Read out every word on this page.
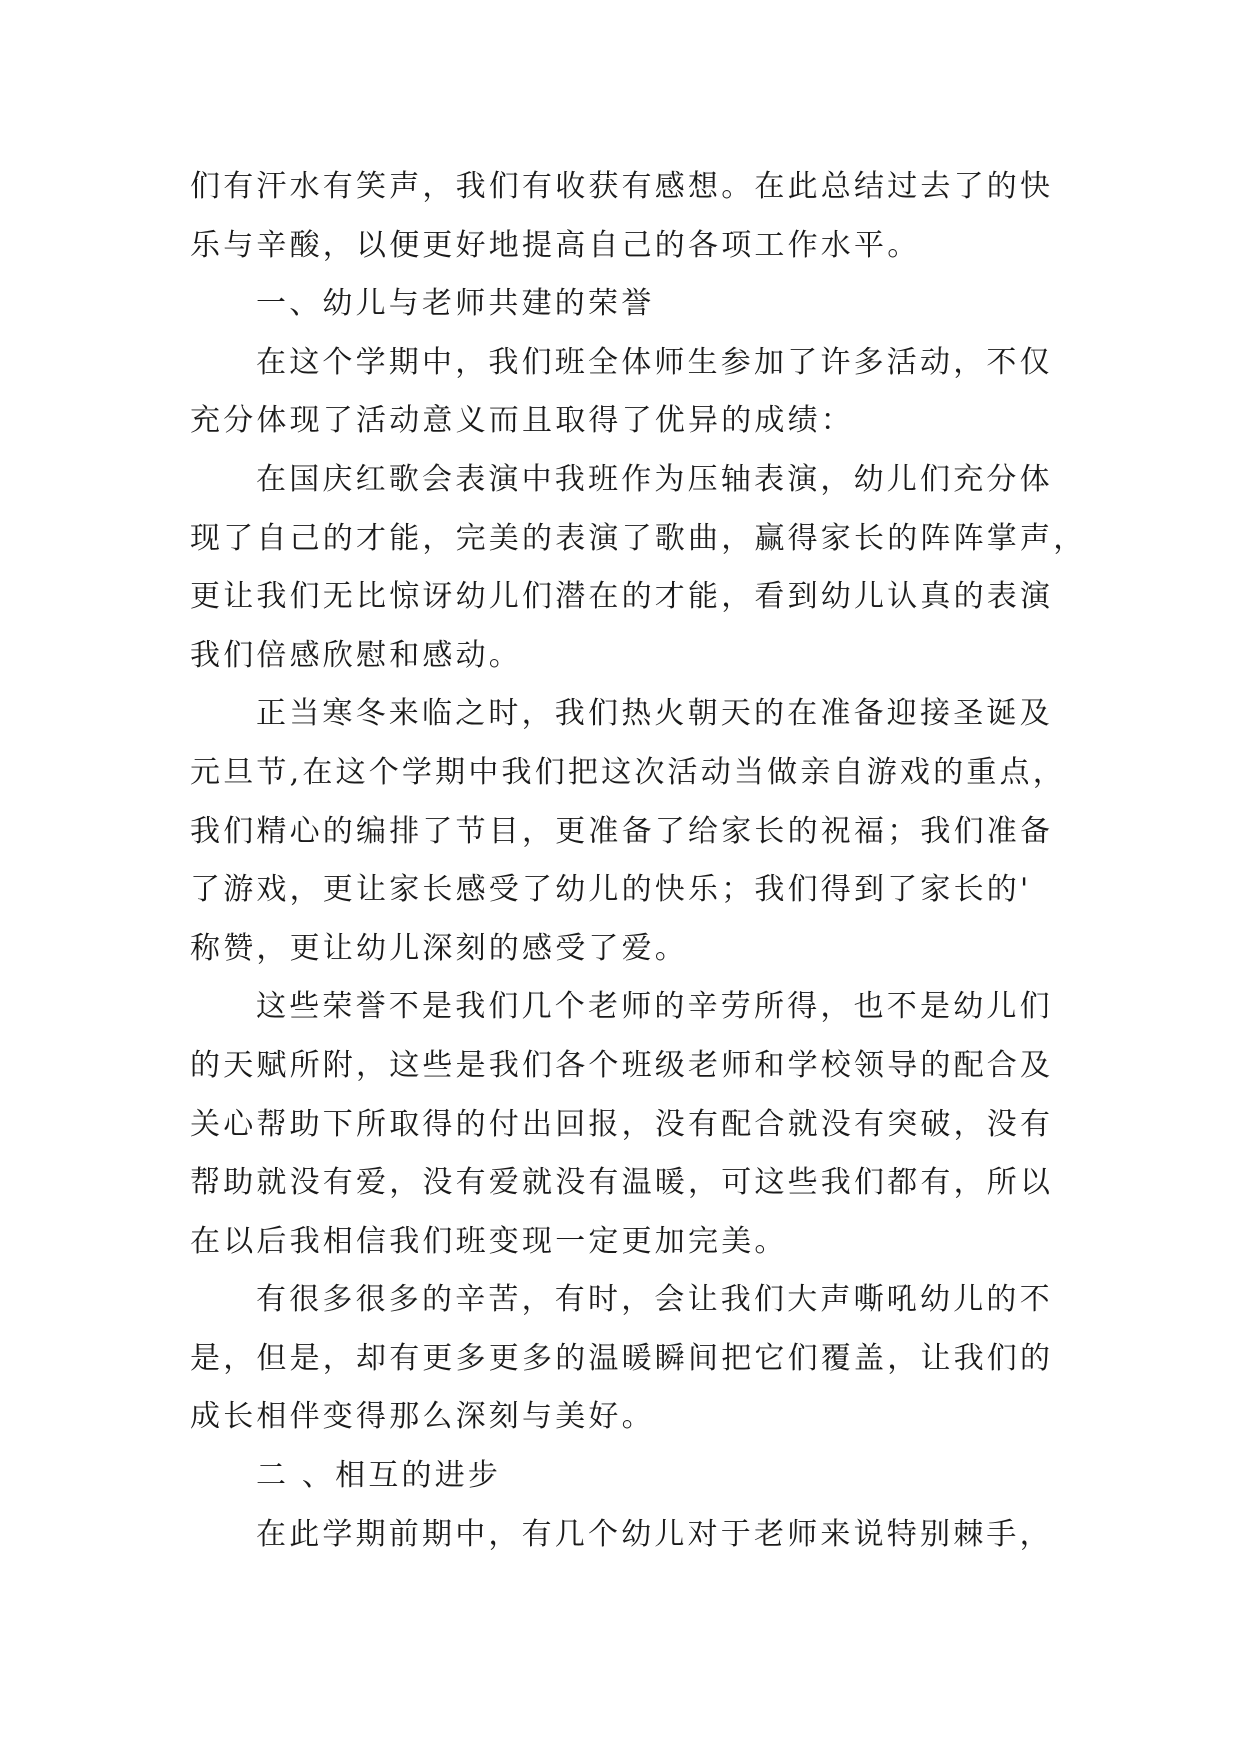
们有汗水有笑声，我们有收获有感想。在此总结过去了的快
乐与辛酸，以便更好地提高自己的各项工作水平。
一、幼儿与老师共建的荣誉
在这个学期中，我们班全体师生参加了许多活动，不仅
充分体现了活动意义而且取得了优异的成绩：
在国庆红歌会表演中我班作为压轴表演，幼儿们充分体
现了自己的才能，完美的表演了歌曲，赢得家长的阵阵掌声，
更让我们无比惊讶幼儿们潜在的才能，看到幼儿认真的表演
我们倍感欣慰和感动。
正当寒冬来临之时，我们热火朝天的在准备迎接圣诞及
元旦节,在这个学期中我们把这次活动当做亲自游戏的重点，
我们精心的编排了节目，更准备了给家长的祝福；我们准备
了游戏，更让家长感受了幼儿的快乐；我们得到了家长的'
称赞，更让幼儿深刻的感受了爱。
这些荣誉不是我们几个老师的辛劳所得，也不是幼儿们
的天赋所附，这些是我们各个班级老师和学校领导的配合及
关心帮助下所取得的付出回报，没有配合就没有突破，没有
帮助就没有爱，没有爱就没有温暖，可这些我们都有，所以
在以后我相信我们班变现一定更加完美。
有很多很多的辛苦，有时，会让我们大声嘶吼幼儿的不
是，但是，却有更多更多的温暖瞬间把它们覆盖，让我们的
成长相伴变得那么深刻与美好。
二 、相互的进步
在此学期前期中，有几个幼儿对于老师来说特别棘手，
